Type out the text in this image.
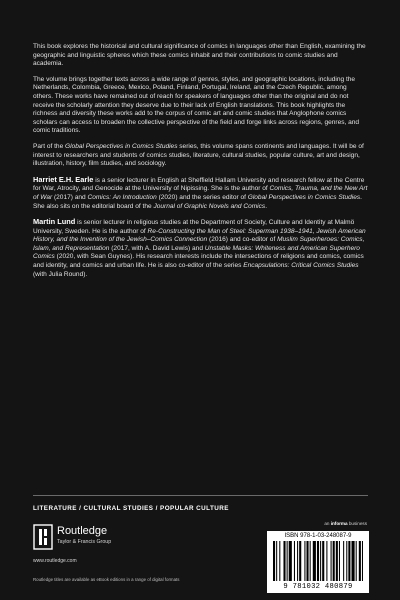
This book explores the historical and cultural significance of comics in languages other than English, examining the geographic and linguistic spheres which these comics inhabit and their contributions to comic studies and academia.

The volume brings together texts across a wide range of genres, styles, and geographic locations, including the Netherlands, Colombia, Greece, Mexico, Poland, Finland, Portugal, Ireland, and the Czech Republic, among others. These works have remained out of reach for speakers of languages other than the original and do not receive the scholarly attention they deserve due to their lack of English translations. This book highlights the richness and diversity these works add to the corpus of comic art and comic studies that Anglophone comics scholars can access to broaden the collective perspective of the field and forge links across regions, genres, and comic traditions.

Part of the Global Perspectives in Comics Studies series, this volume spans continents and languages. It will be of interest to researchers and students of comics studies, literature, cultural studies, popular culture, art and design, illustration, history, film studies, and sociology.

Harriet E.H. Earle is a senior lecturer in English at Sheffield Hallam University and research fellow at the Centre for War, Atrocity, and Genocide at the University of Nipissing. She is the author of Comics, Trauma, and the New Art of War (2017) and Comics: An Introduction (2020) and the series editor of Global Perspectives in Comics Studies. She also sits on the editorial board of the Journal of Graphic Novels and Comics.

Martin Lund is senior lecturer in religious studies at the Department of Society, Culture and Identity at Malmö University, Sweden. He is the author of Re-Constructing the Man of Steel: Superman 1938–1941, Jewish American History, and the Invention of the Jewish–Comics Connection (2016) and co-editor of Muslim Superheroes: Comics, Islam, and Representation (2017, with A. David Lewis) and Unstable Masks: Whiteness and American Superhero Comics (2020, with Sean Guynes). His research interests include the intersections of religions and comics, comics and identity, and comics and urban life. He is also co-editor of the series Encapsulations: Critical Comics Studies (with Julia Round).

LITERATURE / CULTURAL STUDIES / POPULAR CULTURE
an informa business
Routledge
Taylor & Francis Group
www.routledge.com
Routledge titles are available as eBook editions in a range of digital formats
ISBN 978-1-03-248087-9
9 781032 480879
